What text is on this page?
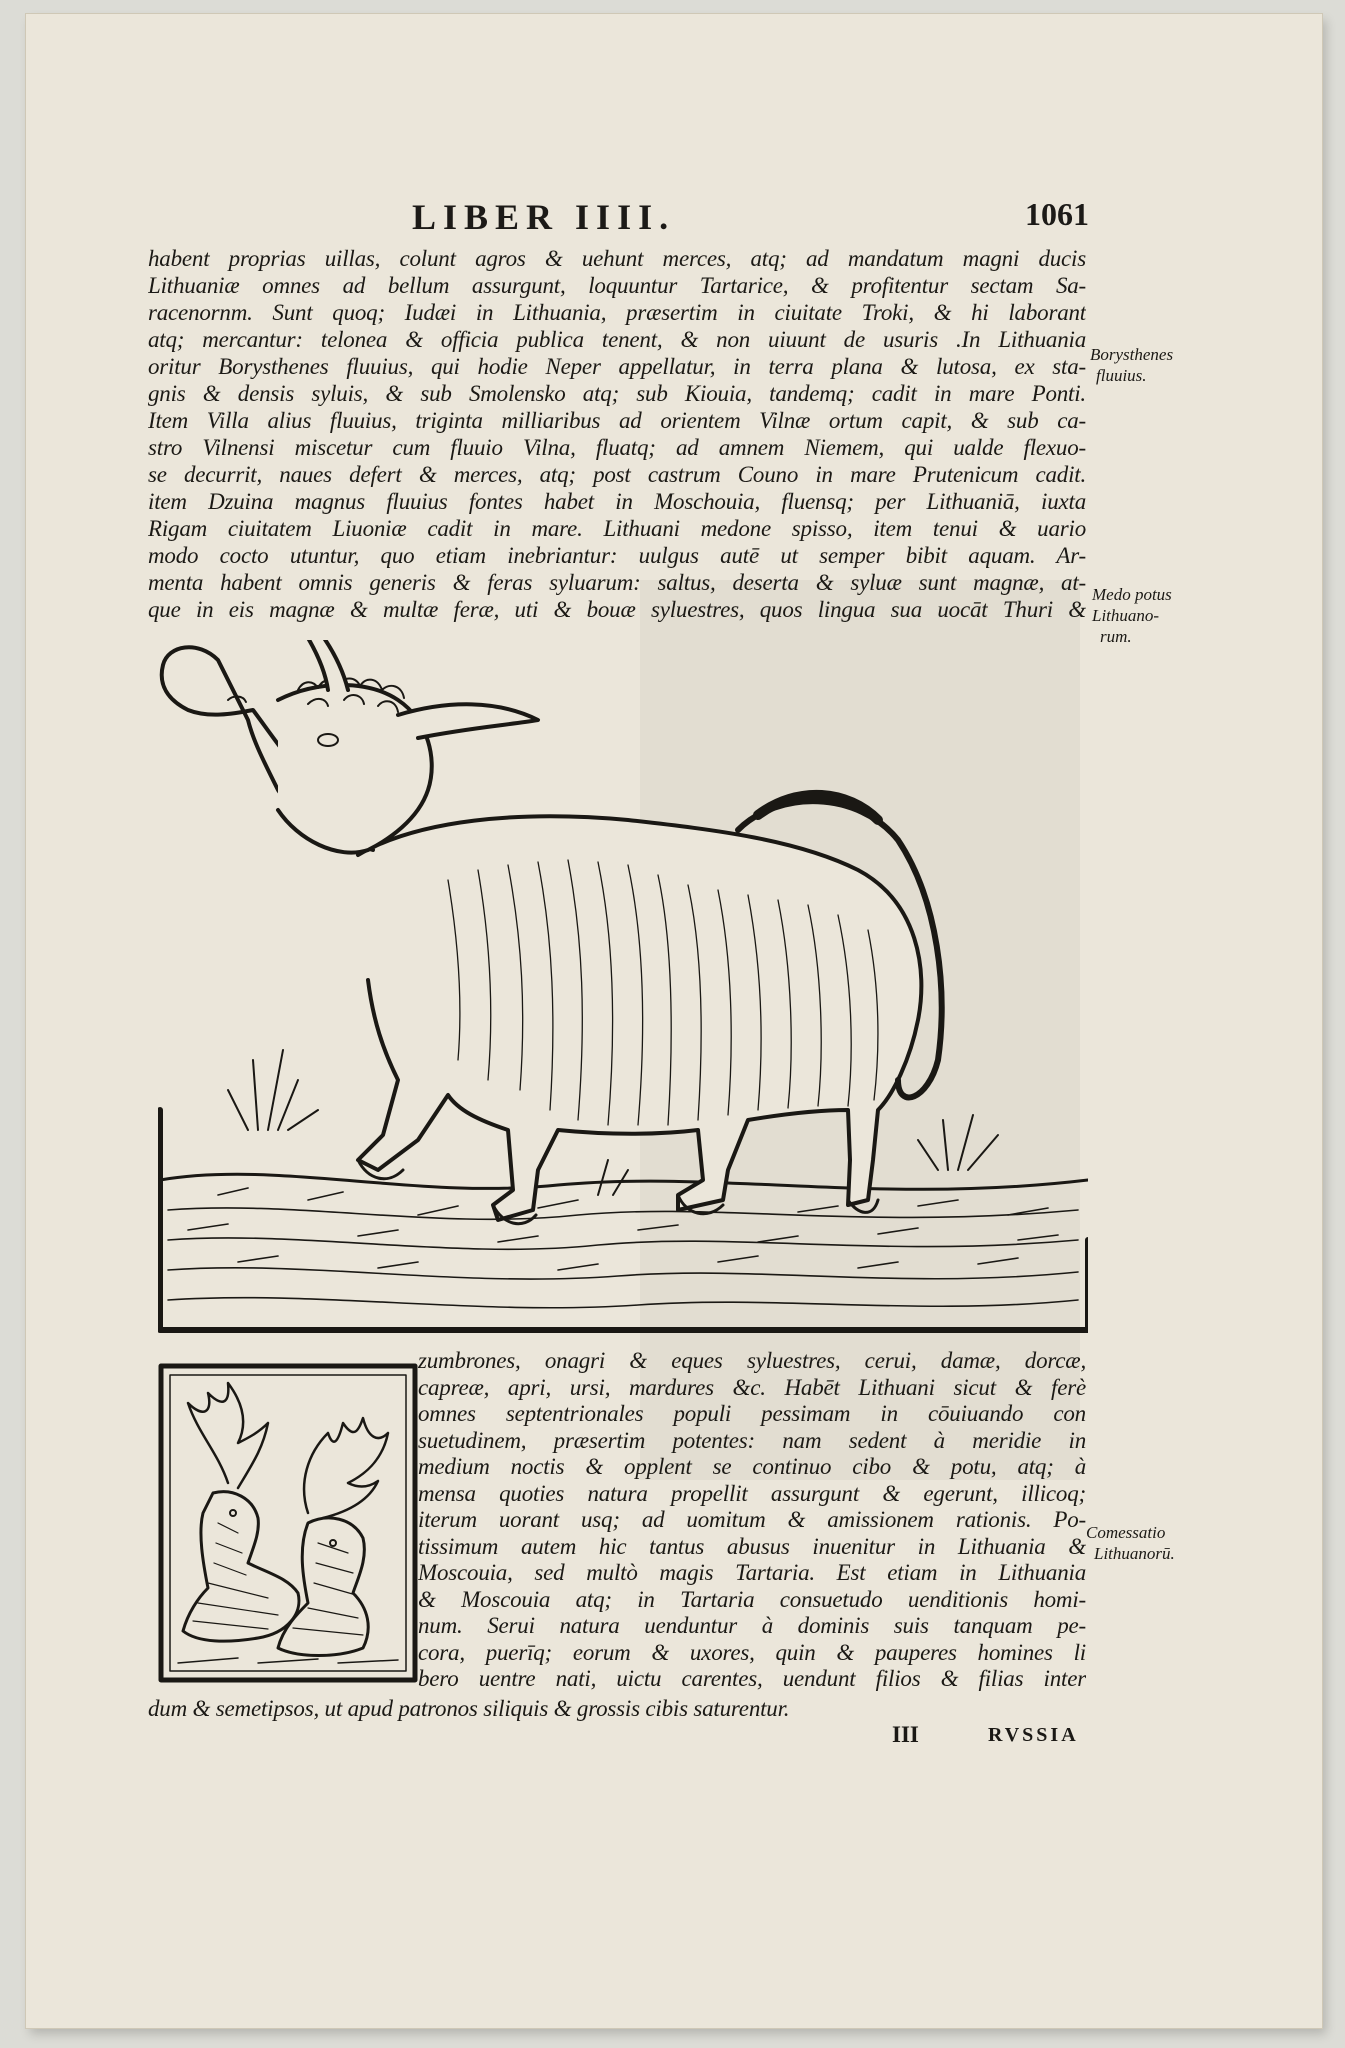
LIBER IIII.	1061
habent proprias uillas, colunt agros & uehunt merces, atq; ad mandatum magni ducis
Lithuaniæ omnes ad bellum assurgunt, loquuntur Tartarice, & profitentur sectam Sa-
racenornm. Sunt quoq; Iudæi in Lithuania, præsertim in ciuitate Troki, & hi laborant
atq; mercantur: telonea & officia publica tenent, & non uiuunt de usuris .In Lithuania
oritur Borysthenes fluuius, qui hodie Neper appellatur, in terra plana & lutosa, ex sta-
gnis & densis syluis, & sub Smolensko atq; sub Kiouia, tandemq; cadit in mare Ponti.
Item Villa alius fluuius, triginta milliaribus ad orientem Vilnæ ortum capit, & sub ca-
stro Vilnensi miscetur cum fluuio Vilna, fluatq; ad amnem Niemem, qui ualde flexuo-
se decurrit, naues defert & merces, atq; post castrum Couno in mare Prutenicum cadit.
item Dzuina magnus fluuius fontes habet in Moschouia, fluensq; per Lithuaniā, iuxta
Rigam ciuitatem Liuoniæ cadit in mare. Lithuani medone spisso, item tenui & uario
modo cocto utuntur, quo etiam inebriantur: uulgus autē ut semper bibit aquam. Ar-
menta habent omnis generis & feras syluarum: saltus, deserta & syluæ sunt magnæ, at-
que in eis magnæ & multæ feræ, uti & bouæ syluestres, quos lingua sua uocāt Thuri &
Borysthenes
fluuius.
Medo potus
Lithuano-
rum.
Comessatio
Lithuanorū.
zumbrones, onagri & eques syluestres, cerui, damæ, dorcæ,
capreæ, apri, ursi, mardures &c. Habēt Lithuani sicut & ferè
omnes septentrionales populi pessimam in cōuiuando con
suetudinem, præsertim potentes: nam sedent à meridie in
medium noctis & opplent se continuo cibo & potu, atq; à
mensa quoties natura propellit assurgunt & egerunt, illicoq;
iterum uorant usq; ad uomitum & amissionem rationis. Po-
tissimum autem hic tantus abusus inuenitur in Lithuania &
Moscouia, sed multò magis Tartaria. Est etiam in Lithuania
& Moscouia atq; in Tartaria consuetudo uenditionis homi-
num. Serui natura uenduntur à dominis suis tanquam pe-
cora, puerīq; eorum & uxores, quin & pauperes homines li
bero uentre nati, uictu carentes, uendunt filios & filias inter
dum & semetipsos, ut apud patronos siliquis & grossis cibis saturentur.
III	RVSSIA
